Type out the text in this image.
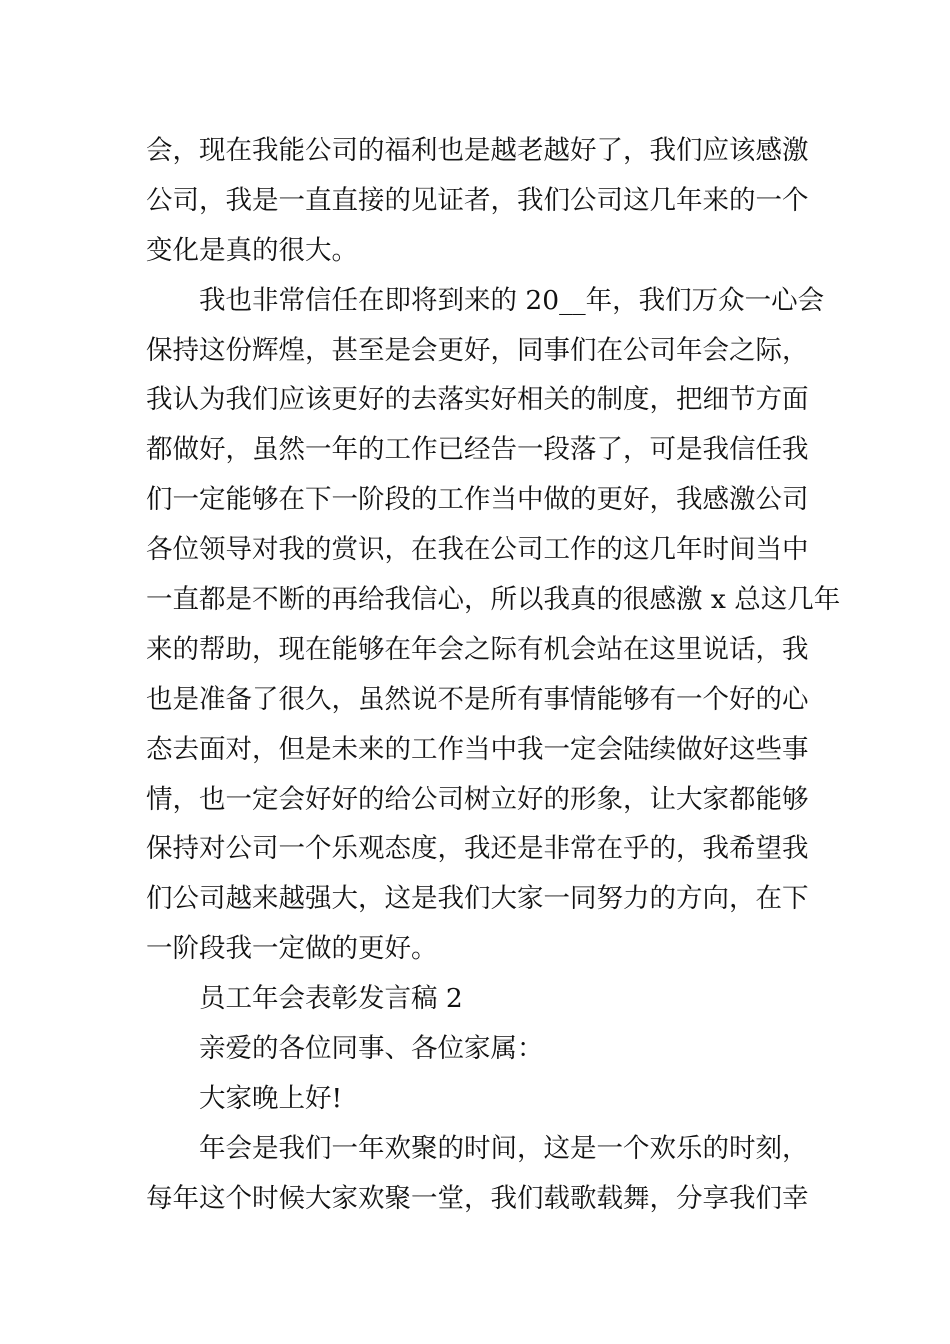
会，现在我能公司的福利也是越老越好了，我们应该感激
公司，我是一直直接的见证者，我们公司这几年来的一个
变化是真的很大。
我也非常信任在即将到来的 20__年，我们万众一心会
保持这份辉煌，甚至是会更好，同事们在公司年会之际，
我认为我们应该更好的去落实好相关的制度，把细节方面
都做好，虽然一年的工作已经告一段落了，可是我信任我
们一定能够在下一阶段的工作当中做的更好，我感激公司
各位领导对我的赏识，在我在公司工作的这几年时间当中
一直都是不断的再给我信心，所以我真的很感激 x 总这几年
来的帮助，现在能够在年会之际有机会站在这里说话，我
也是准备了很久，虽然说不是所有事情能够有一个好的心
态去面对，但是未来的工作当中我一定会陆续做好这些事
情，也一定会好好的给公司树立好的形象，让大家都能够
保持对公司一个乐观态度，我还是非常在乎的，我希望我
们公司越来越强大，这是我们大家一同努力的方向，在下
一阶段我一定做的更好。
员工年会表彰发言稿 2
亲爱的各位同事、各位家属：
大家晚上好!
年会是我们一年欢聚的时间，这是一个欢乐的时刻，
每年这个时候大家欢聚一堂，我们载歌载舞，分享我们幸
